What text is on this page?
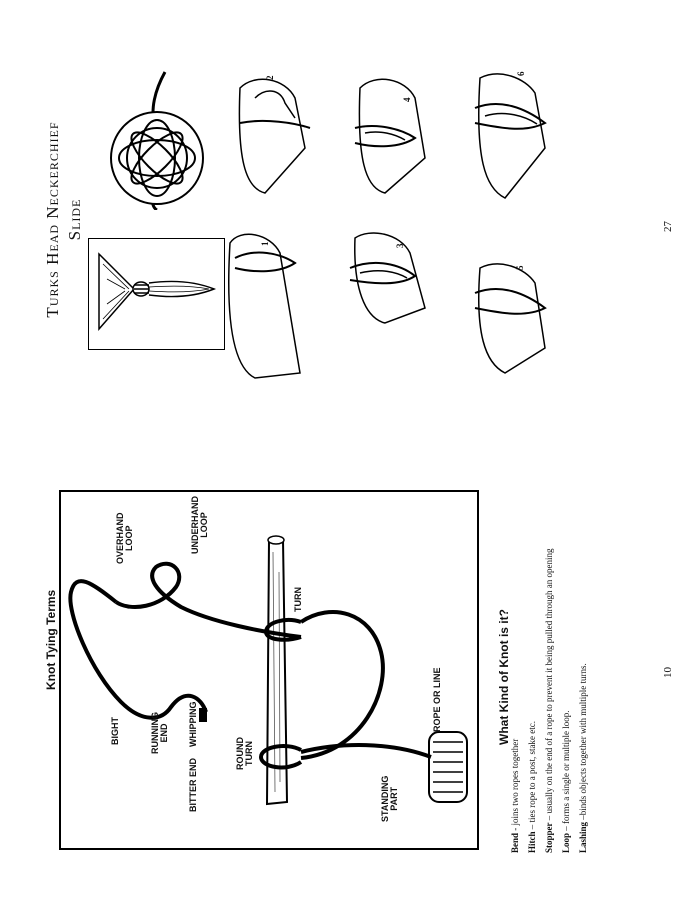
Knot Tying Terms
BIGHT	RUNNING END
BITTER END
WHIPPING
ROUND TURN
STANDING PART
ROPE OR LINE
TURN
OVERHAND LOOP	UNDERHAND LOOP
What Kind of Knot is it?

Bend - joins two ropes together

Hitch – ties rope to a post, stake etc.

Stopper – usually on the end of a rope to prevent it being pulled through an opening

Loop – forms a single or multiple loop.

Lashing –binds objects together with multiple turns.	10
Turks Head Neckerchief Slide
2
4
6
1	3
5
27
